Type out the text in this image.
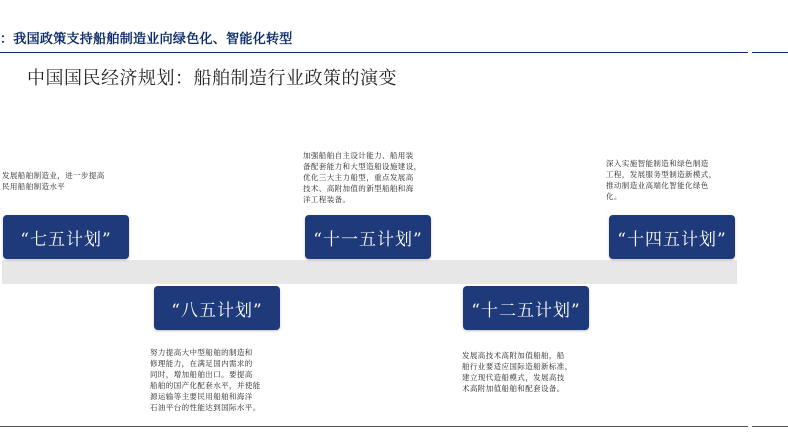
：我国政策支持船舶制造业向绿色化、智能化转型
中国国民经济规划：船舶制造行业政策的演变
发展船舶制造业，进一步提高
民用船舶制造水平
“七五计划”
“八五计划”
努力提高大中型船舶的制造和
修理能力，在满足国内需求的
同时，增加船舶出口。要提高
船舶的国产化配套水平，并使能
源运输等主要民用船舶和海洋
石油平台的性能达到国际水平。
加强船舶自主设计能力、船用装
备配套能力和大型造船设施建设，
优化三大主力船型，重点发展高
技术、高附加值的新型船舶和海
洋工程装备。
“十一五计划”
“十二五计划”
发展高技术高附加值船舶，船
舶行业要适应国际造船新标准，
建立现代造船模式，发展高技
术高附加值船舶和配套设备。
深入实施智能制造和绿色制造
工程，发展服务型制造新模式，
推动制造业高端化智能化绿色
化。
“十四五计划”
